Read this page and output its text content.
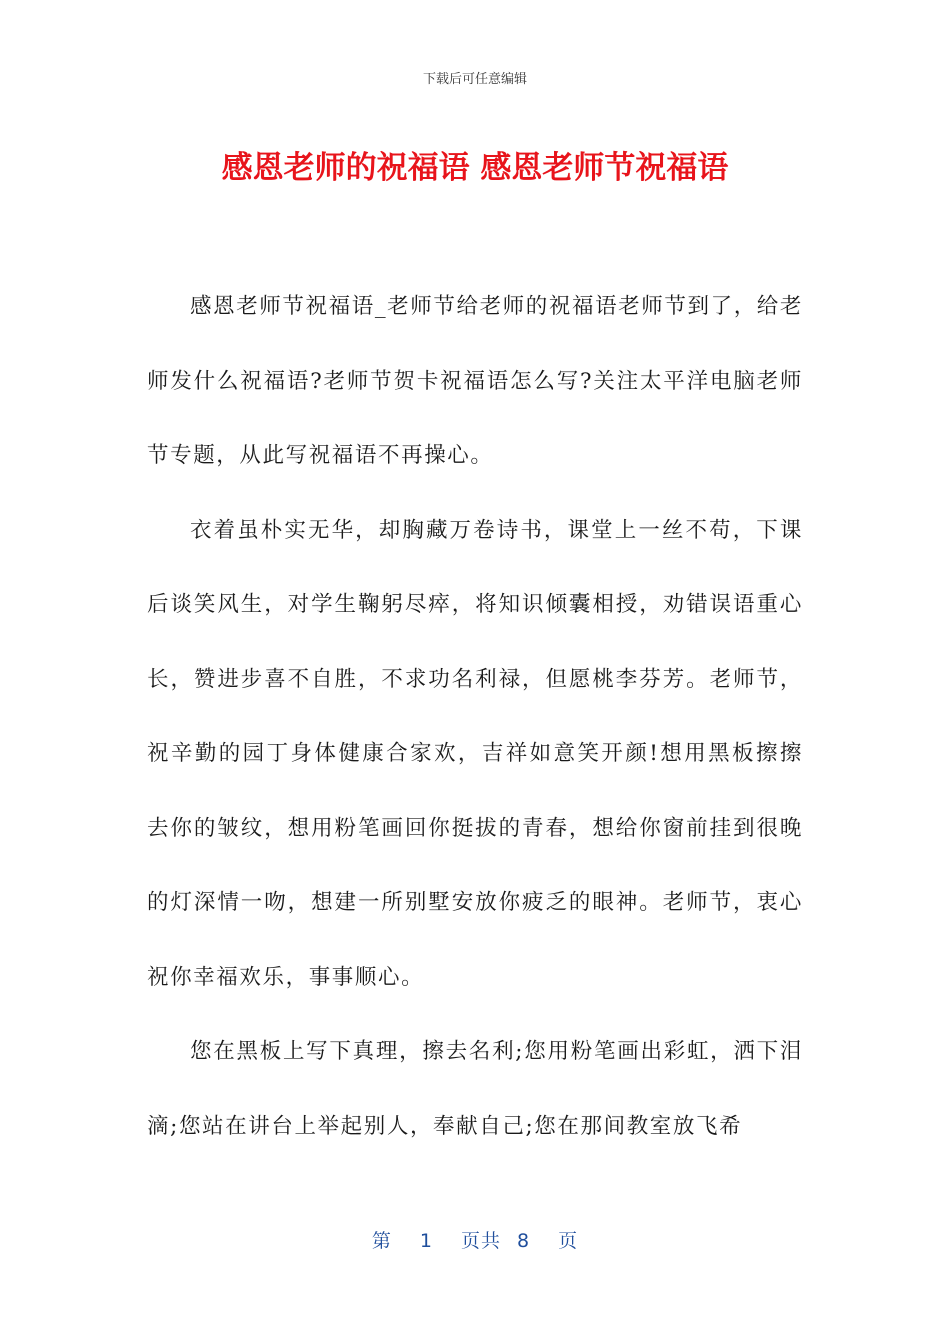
下载后可任意编辑
感恩老师的祝福语 感恩老师节祝福语

感恩老师节祝福语_老师节给老师的祝福语老师节到了，给老师发什么祝福语?老师节贺卡祝福语怎么写?关注太平洋电脑老师节专题，从此写祝福语不再操心。

衣着虽朴实无华，却胸藏万卷诗书，课堂上一丝不苟，下课后谈笑风生，对学生鞠躬尽瘁，将知识倾囊相授，劝错误语重心长，赞进步喜不自胜，不求功名利禄，但愿桃李芬芳。老师节，祝辛勤的园丁身体健康合家欢，吉祥如意笑开颜!想用黑板擦擦去你的皱纹，想用粉笔画回你挺拔的青春，想给你窗前挂到很晚的灯深情一吻，想建一所别墅安放你疲乏的眼神。老师节，衷心祝你幸福欢乐，事事顺心。

您在黑板上写下真理，擦去名利;您用粉笔画出彩虹，洒下泪滴;您站在讲台上举起别人，奉献自己;您在那间教室放飞希

第 1 页共 8 页
